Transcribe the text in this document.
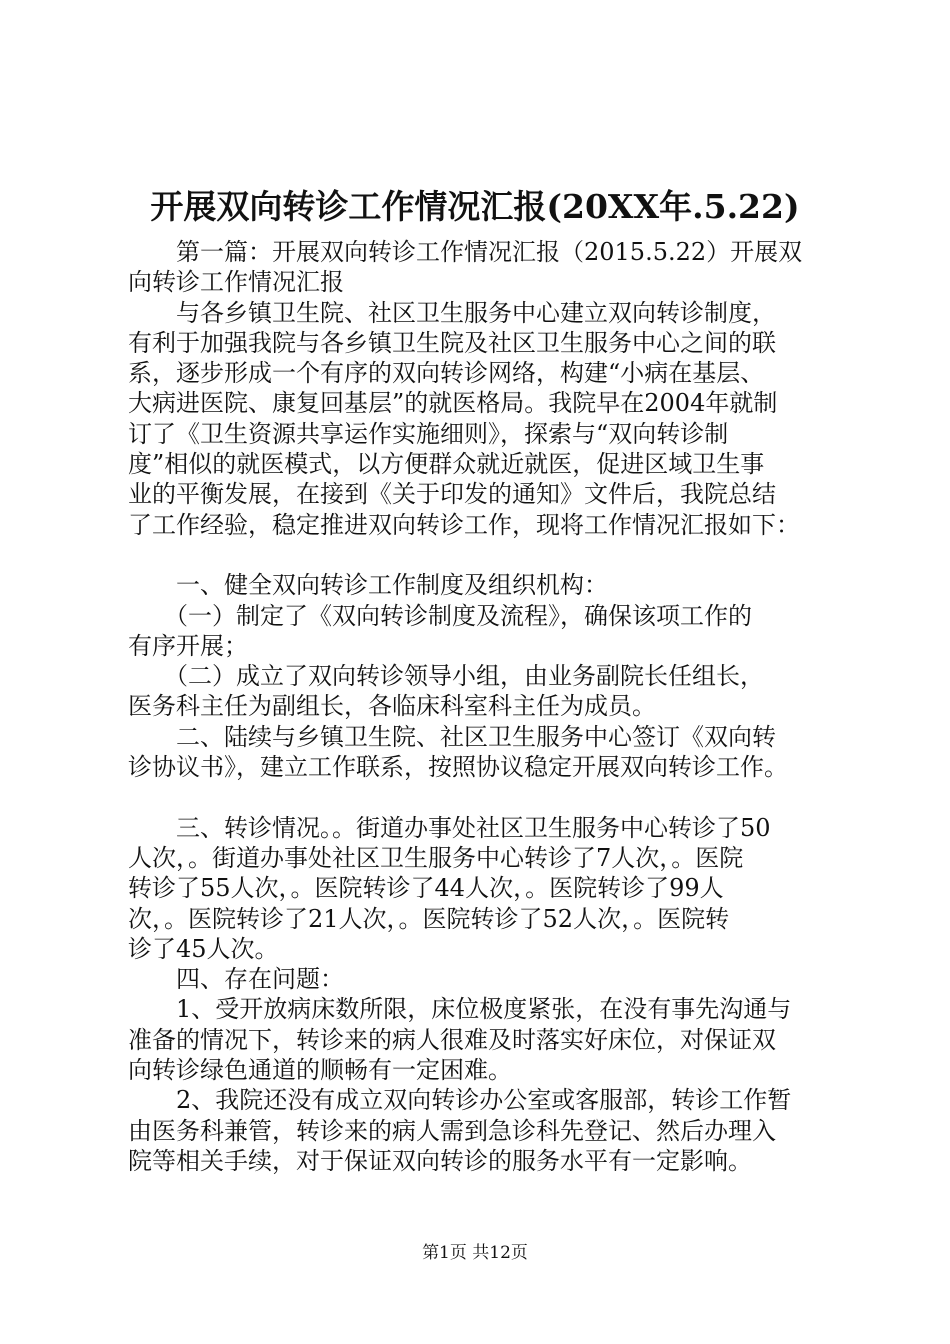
开展双向转诊工作情况汇报(20XX年.5.22)
　　第一篇：开展双向转诊工作情况汇报（2015.5.22）开展双
向转诊工作情况汇报
　　与各乡镇卫生院、社区卫生服务中心建立双向转诊制度，
有利于加强我院与各乡镇卫生院及社区卫生服务中心之间的联
系，逐步形成一个有序的双向转诊网络，构建“小病在基层、
大病进医院、康复回基层”的就医格局。我院早在2004年就制
订了《卫生资源共享运作实施细则》，探索与“双向转诊制
度”相似的就医模式，以方便群众就近就医，促进区域卫生事
业的平衡发展，在接到《关于印发的通知》文件后，我院总结
了工作经验，稳定推进双向转诊工作，现将工作情况汇报如下：
　　一、健全双向转诊工作制度及组织机构：
　　（一）制定了《双向转诊制度及流程》，确保该项工作的
有序开展；
　　（二）成立了双向转诊领导小组，由业务副院长任组长，
医务科主任为副组长，各临床科室科主任为成员。
　　二、陆续与乡镇卫生院、社区卫生服务中心签订《双向转
诊协议书》，建立工作联系，按照协议稳定开展双向转诊工作。
　　三、转诊情况。。街道办事处社区卫生服务中心转诊了50
人次，。街道办事处社区卫生服务中心转诊了7人次，。医院
转诊了55人次，。医院转诊了44人次，。医院转诊了99人
次，。医院转诊了21人次，。医院转诊了52人次，。医院转
诊了45人次。
　　四、存在问题：
　　1、受开放病床数所限，床位极度紧张，在没有事先沟通与
准备的情况下，转诊来的病人很难及时落实好床位，对保证双
向转诊绿色通道的顺畅有一定困难。
　　2、我院还没有成立双向转诊办公室或客服部，转诊工作暂
由医务科兼管，转诊来的病人需到急诊科先登记、然后办理入
院等相关手续，对于保证双向转诊的服务水平有一定影响。
第1页 共12页
